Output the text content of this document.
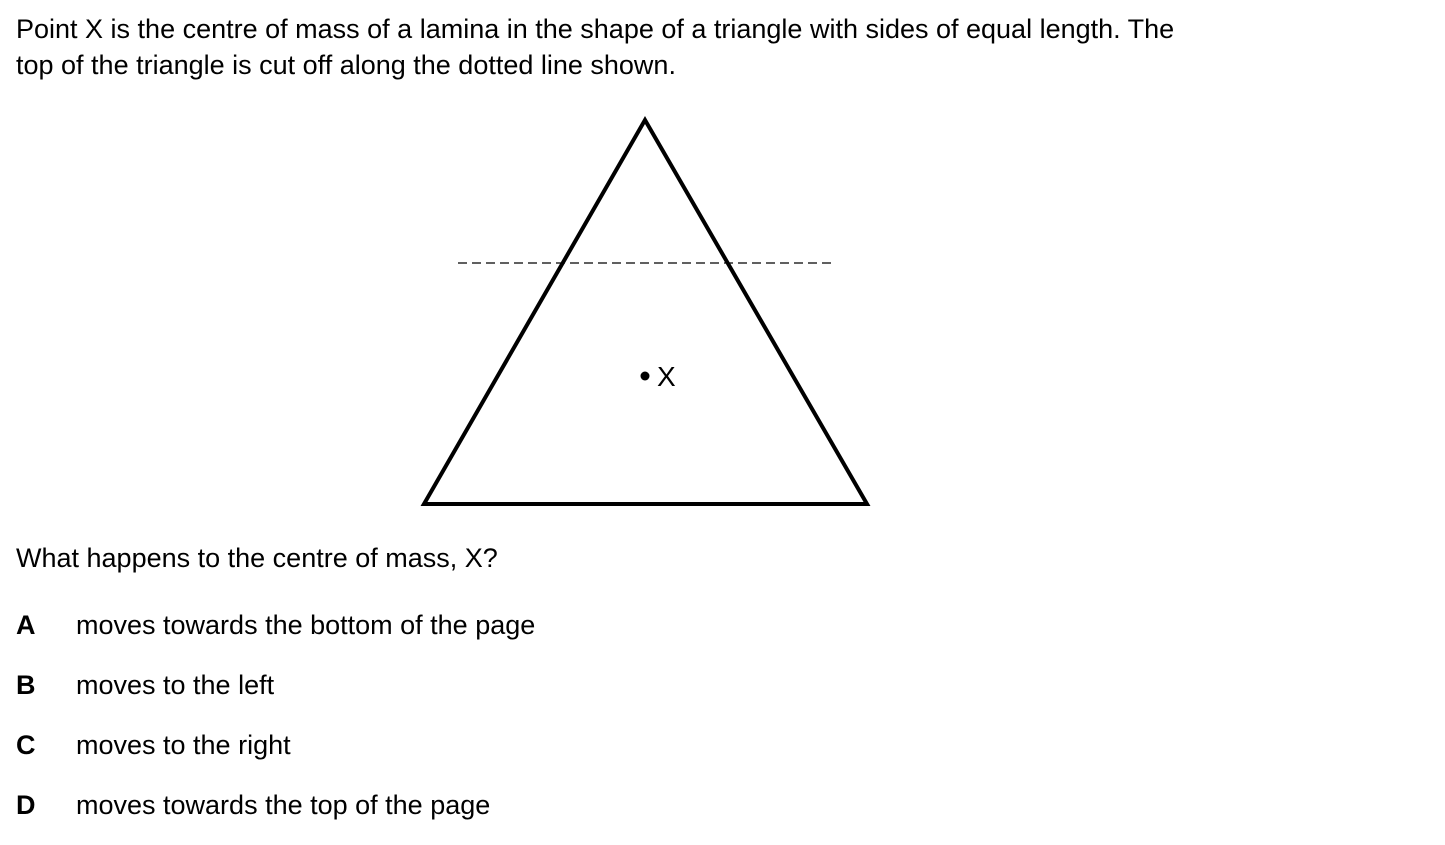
Point X is the centre of mass of a lamina in the shape of a triangle with sides of equal length. The
top of the triangle is cut off along the dotted line shown.

X

What happens to the centre of mass, X?

A	moves towards the bottom of the page
B	moves to the left
C	moves to the right
D	moves towards the top of the page
